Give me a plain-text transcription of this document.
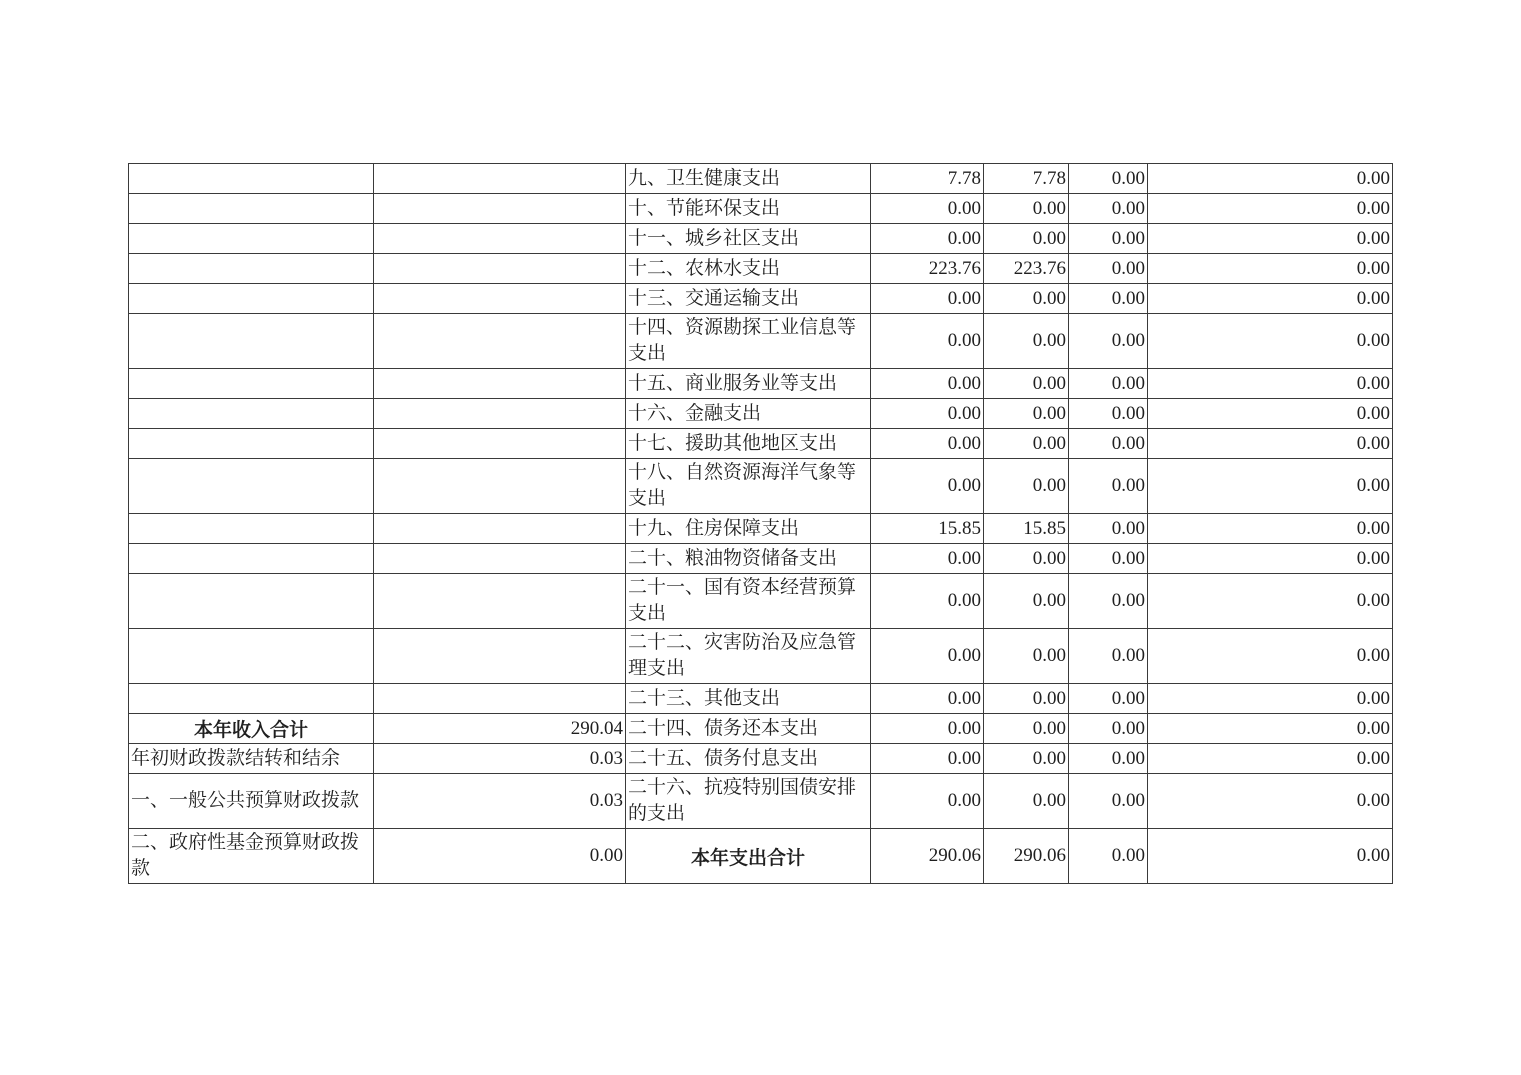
		九、卫生健康支出	7.78	7.78	0.00	0.00
		十、节能环保支出	0.00	0.00	0.00	0.00
		十一、城乡社区支出	0.00	0.00	0.00	0.00
		十二、农林水支出	223.76	223.76	0.00	0.00
		十三、交通运输支出	0.00	0.00	0.00	0.00
		十四、资源勘探工业信息等支出	0.00	0.00	0.00	0.00
		十五、商业服务业等支出	0.00	0.00	0.00	0.00
		十六、金融支出	0.00	0.00	0.00	0.00
		十七、援助其他地区支出	0.00	0.00	0.00	0.00
		十八、自然资源海洋气象等支出	0.00	0.00	0.00	0.00
		十九、住房保障支出	15.85	15.85	0.00	0.00
		二十、粮油物资储备支出	0.00	0.00	0.00	0.00
		二十一、国有资本经营预算支出	0.00	0.00	0.00	0.00
		二十二、灾害防治及应急管理支出	0.00	0.00	0.00	0.00
		二十三、其他支出	0.00	0.00	0.00	0.00
本年收入合计	290.04	二十四、债务还本支出	0.00	0.00	0.00	0.00
年初财政拨款结转和结余	0.03	二十五、债务付息支出	0.00	0.00	0.00	0.00
一、一般公共预算财政拨款	0.03	二十六、抗疫特别国债安排的支出	0.00	0.00	0.00	0.00
二、政府性基金预算财政拨款	0.00	本年支出合计	290.06	290.06	0.00	0.00
